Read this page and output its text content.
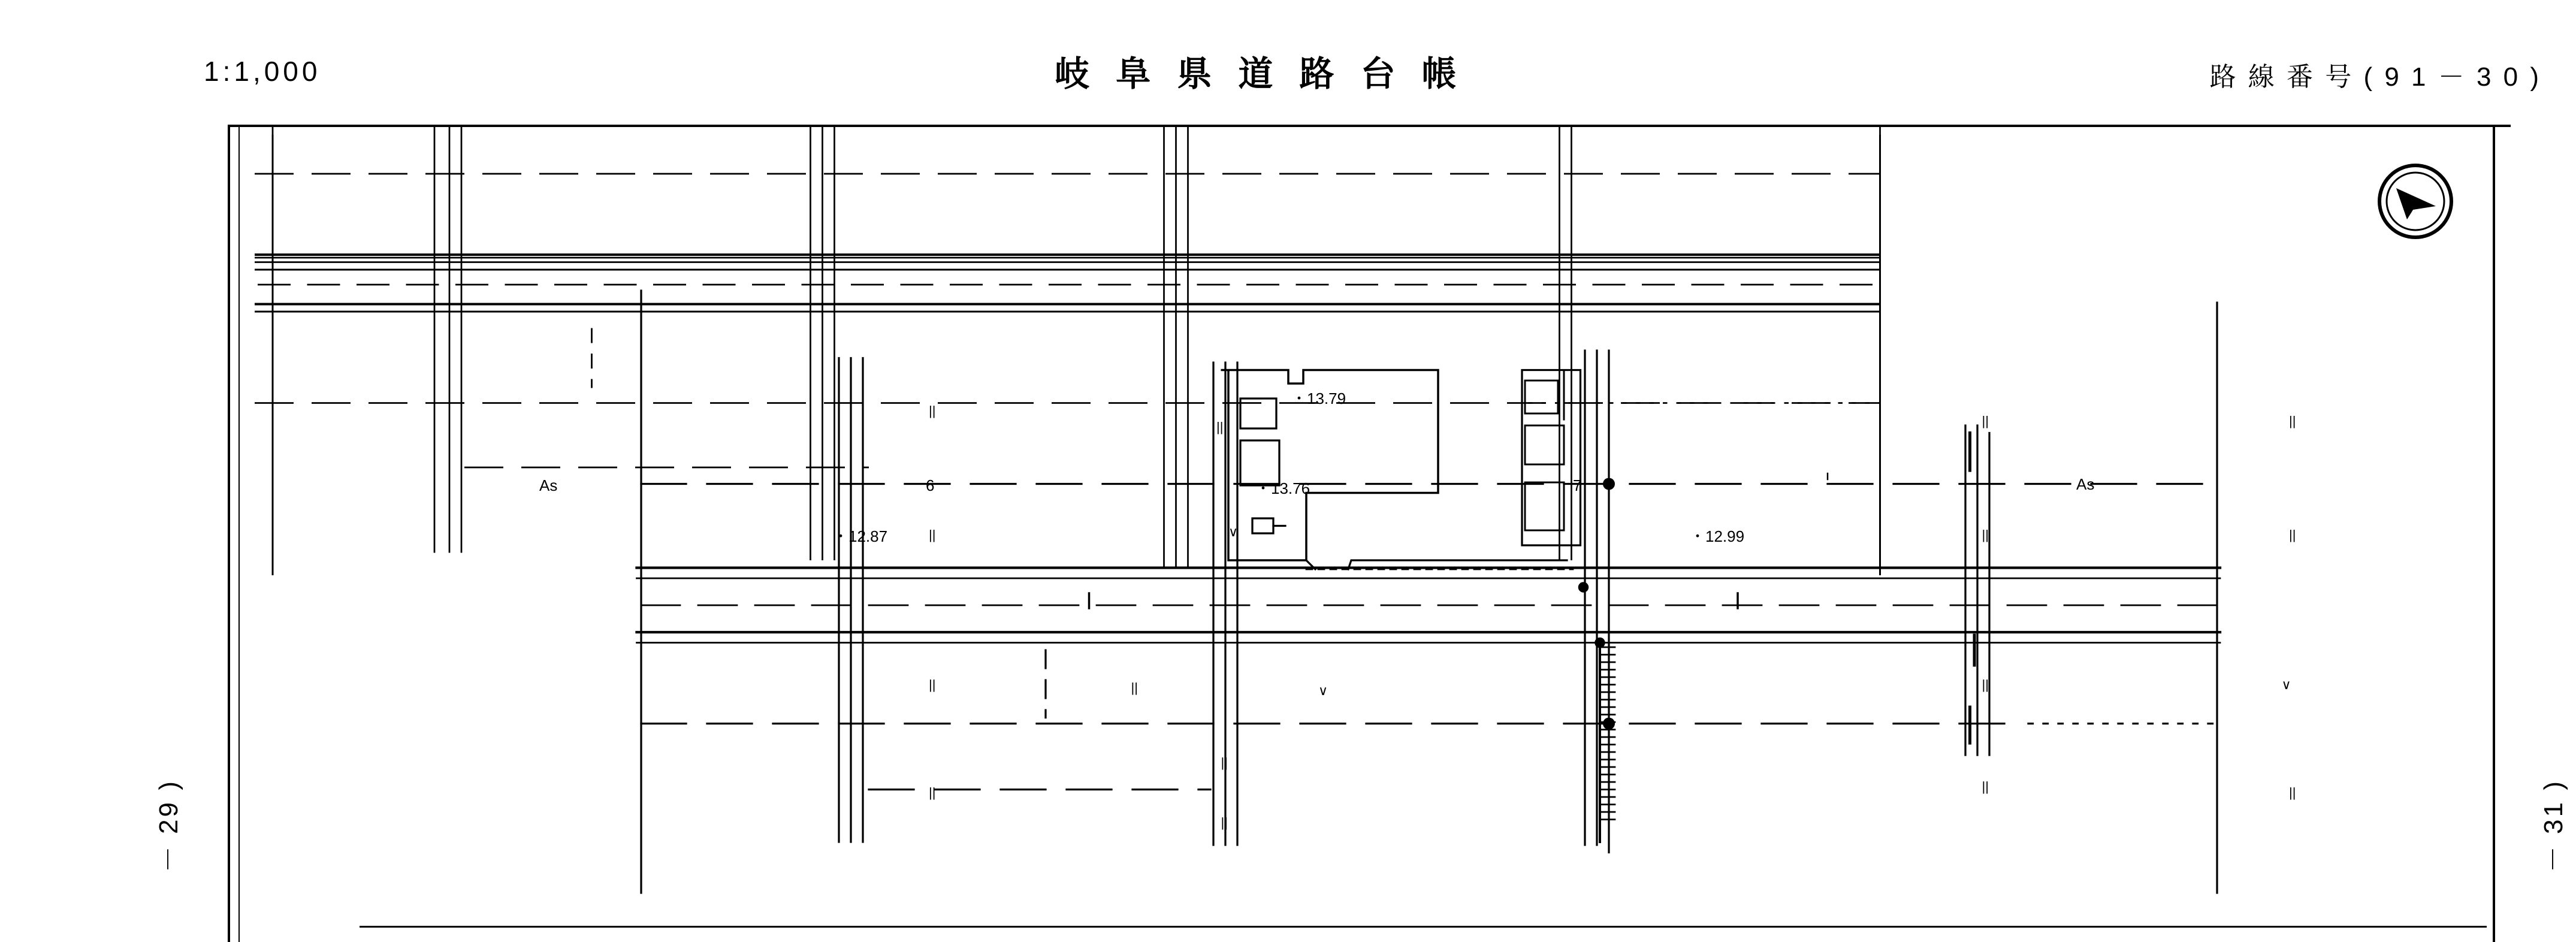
1:1,000	岐 阜 県 道 路 台 帳	路 線 番 号 ( 9 1 － 3 0 )
－ 29 )	－ 31 )
As	As
6	7
・13.79
・13.76
・12.87	・12.99
||
||	||	||
||	||	||
||	||	||	||
||
||	||	||	||
||
∨
∨	∨
